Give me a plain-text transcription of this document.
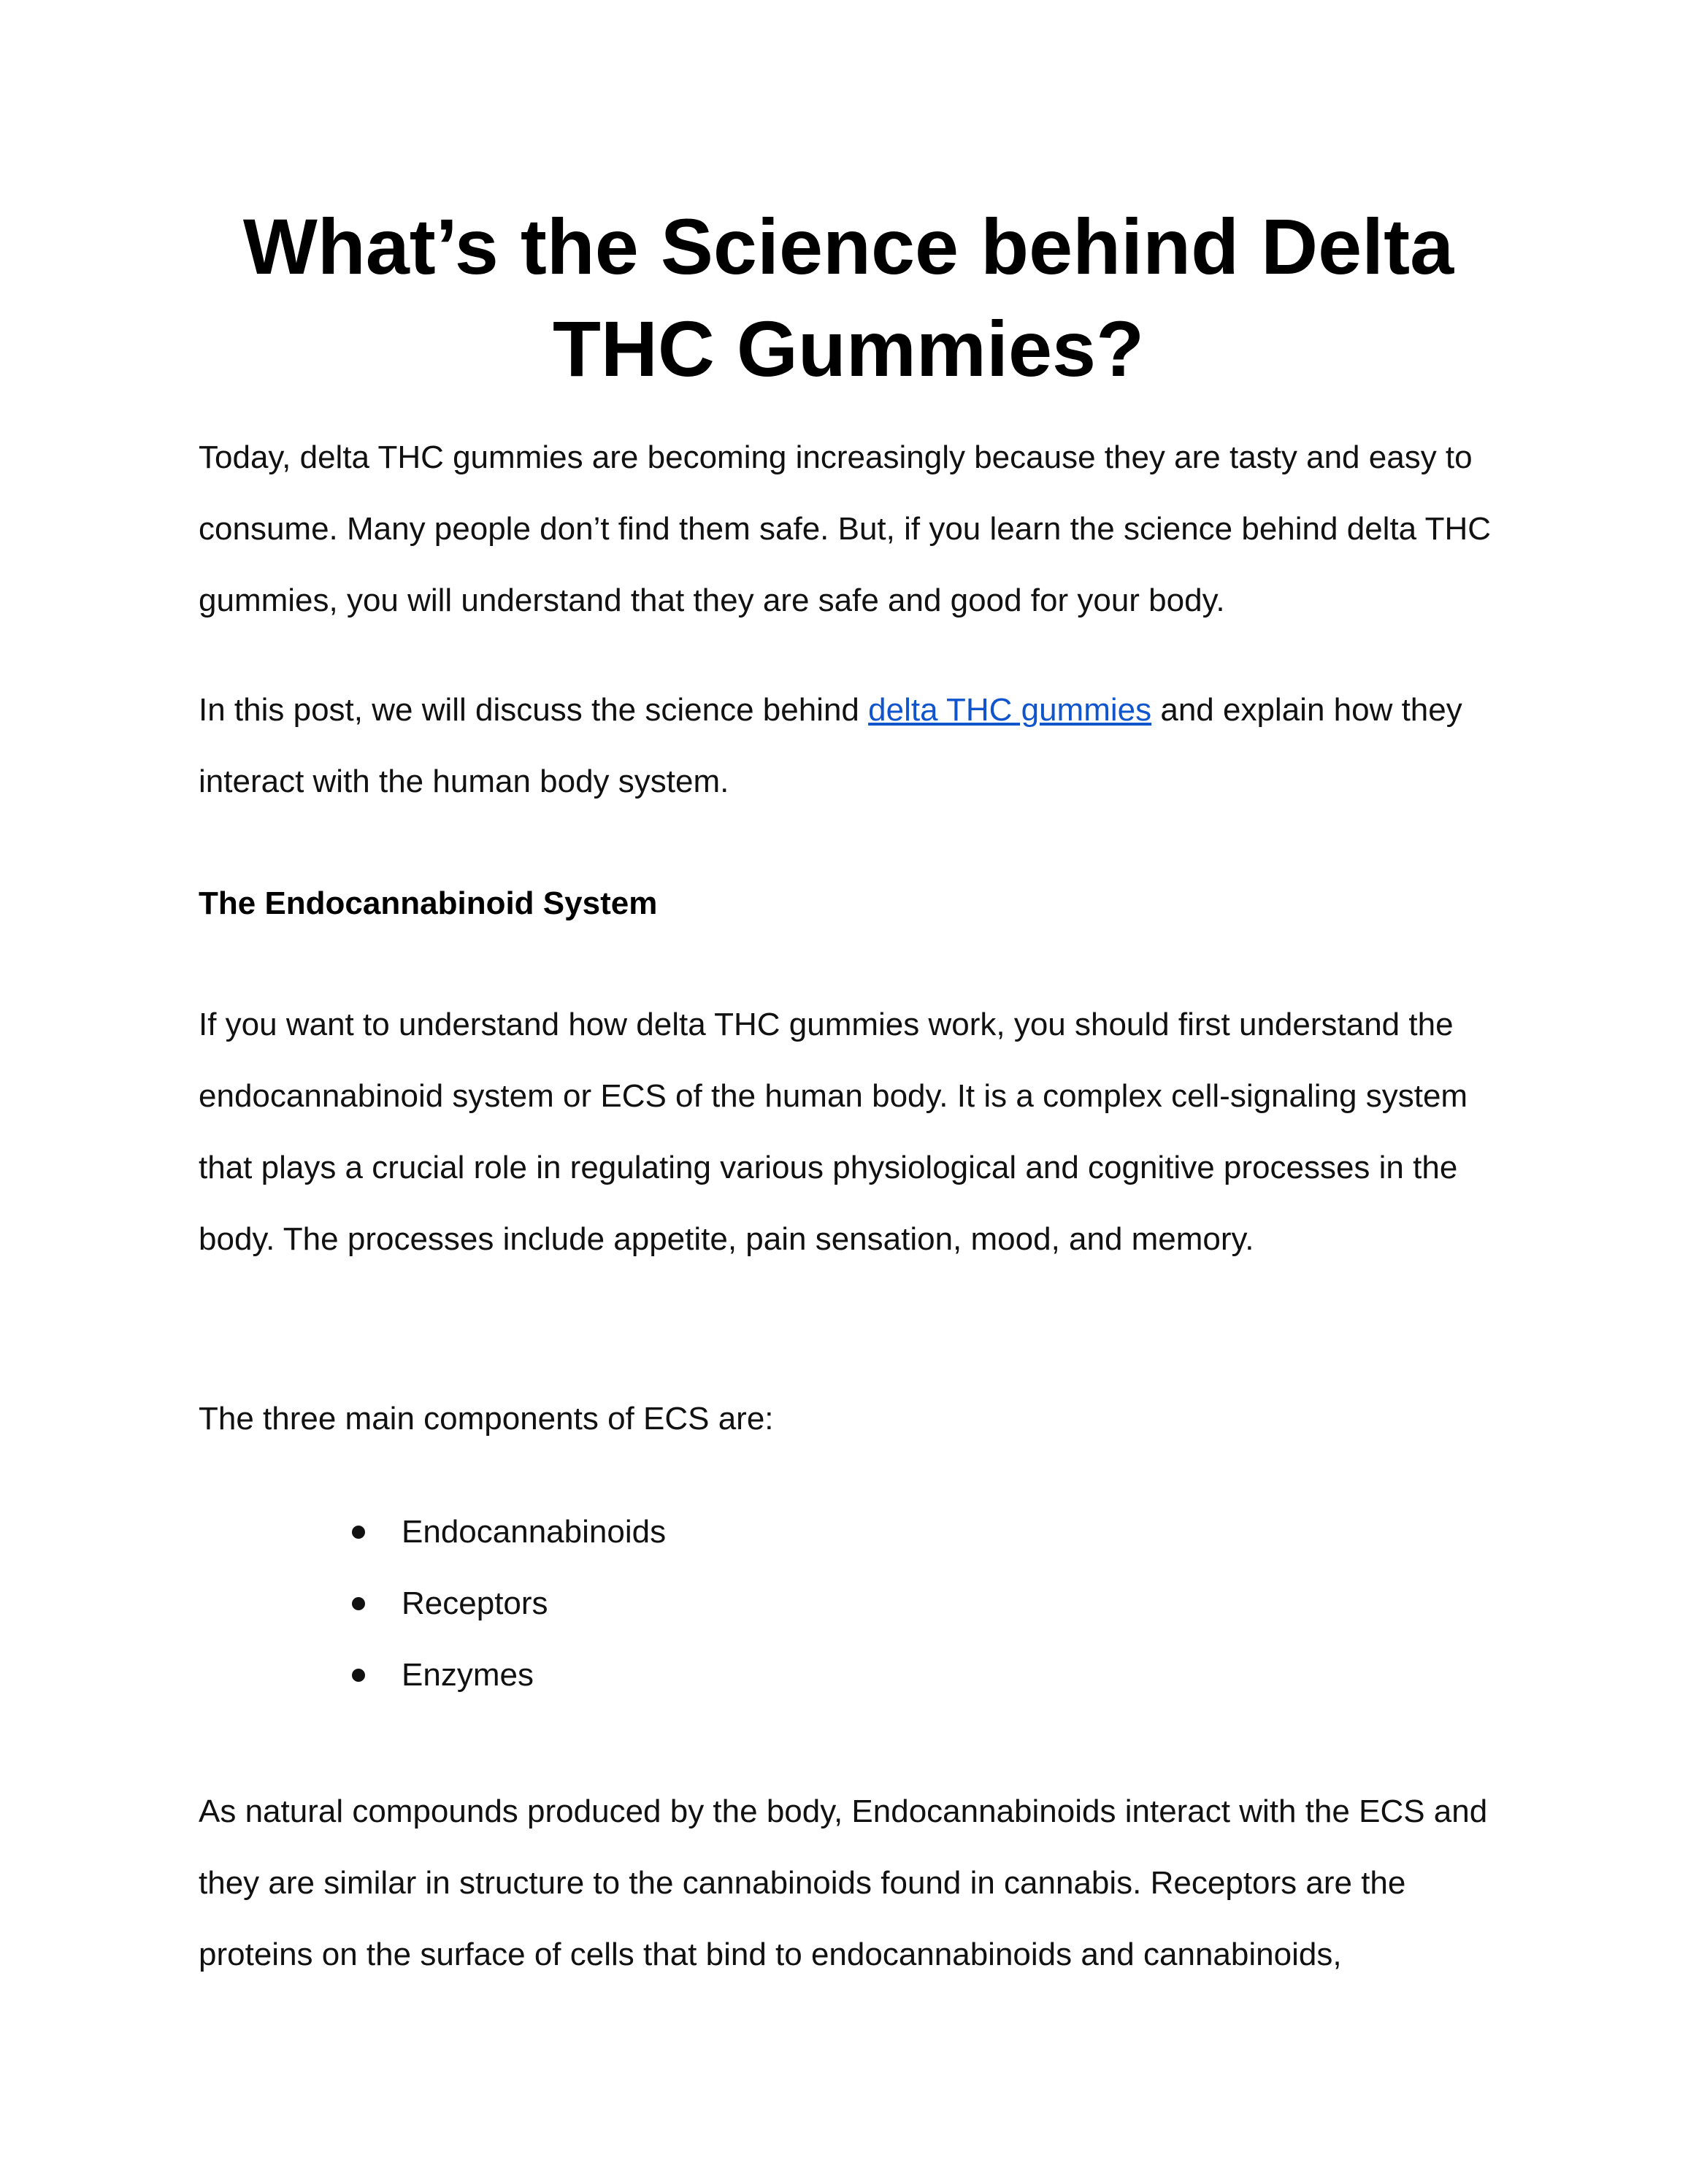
What’s the Science behind Delta THC Gummies?

Today, delta THC gummies are becoming increasingly because they are tasty and easy to consume. Many people don’t find them safe. But, if you learn the science behind delta THC gummies, you will understand that they are safe and good for your body.

In this post, we will discuss the science behind delta THC gummies and explain how they interact with the human body system.

The Endocannabinoid System

If you want to understand how delta THC gummies work, you should first understand the endocannabinoid system or ECS of the human body. It is a complex cell-signaling system that plays a crucial role in regulating various physiological and cognitive processes in the body. The processes include appetite, pain sensation, mood, and memory.

The three main components of ECS are:

Endocannabinoids
Receptors
Enzymes

As natural compounds produced by the body, Endocannabinoids interact with the ECS and they are similar in structure to the cannabinoids found in cannabis. Receptors are the proteins on the surface of cells that bind to endocannabinoids and cannabinoids,
